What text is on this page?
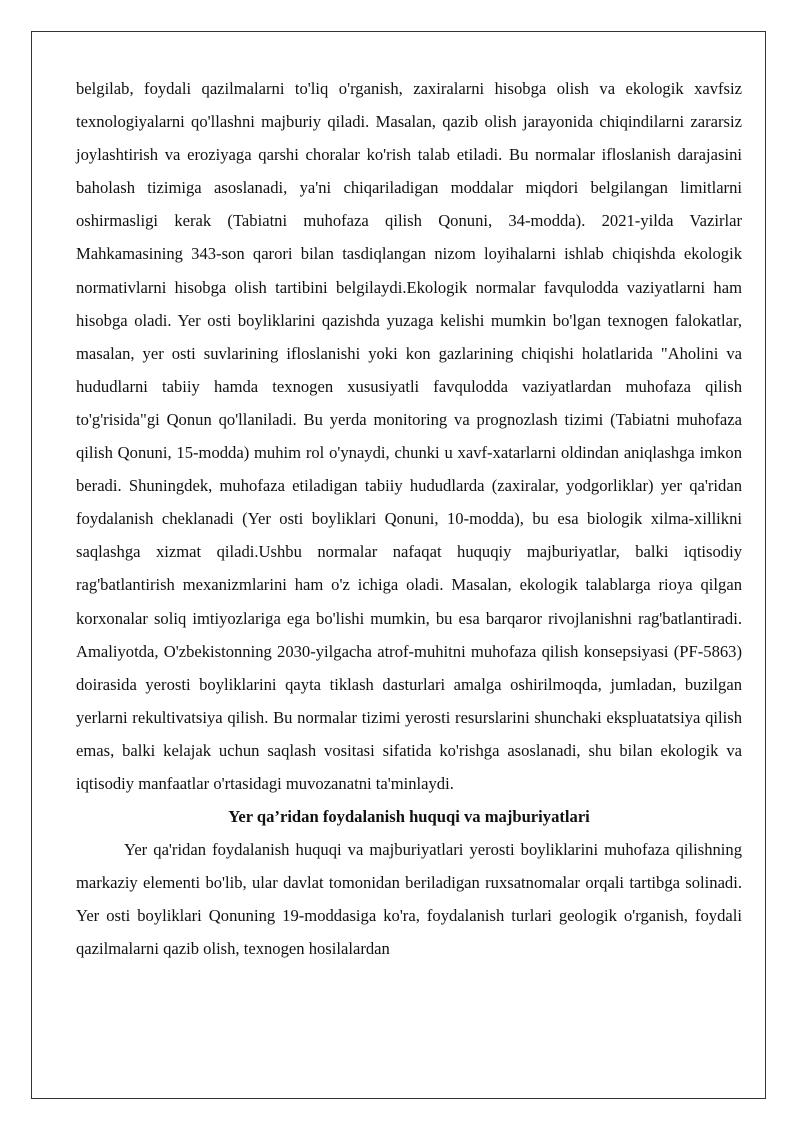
belgilab, foydali qazilmalarni to'liq o'rganish, zaxiralarni hisobga olish va ekologik xavfsiz texnologiyalarni qo'llashni majburiy qiladi. Masalan, qazib olish jarayonida chiqindilarni zararsiz joylashtirish va eroziyaga qarshi choralar ko'rish talab etiladi. Bu normalar ifloslanish darajasini baholash tizimiga asoslanadi, ya'ni chiqariladigan moddalar miqdori belgilangan limitlarni oshirmasligi kerak (Tabiatni muhofaza qilish Qonuni, 34-modda). 2021-yilda Vazirlar Mahkamasining 343-son qarori bilan tasdiqlangan nizom loyihalarni ishlab chiqishda ekologik normativlarni hisobga olish tartibini belgilaydi.Ekologik normalar favqulodda vaziyatlarni ham hisobga oladi. Yer osti boyliklarini qazishda yuzaga kelishi mumkin bo'lgan texnogen falokatlar, masalan, yer osti suvlarining ifloslanishi yoki kon gazlarining chiqishi holatlarida "Aholini va hududlarni tabiiy hamda texnogen xususiyatli favqulodda vaziyatlardan muhofaza qilish to'g'risida"gi Qonun qo'llaniladi. Bu yerda monitoring va prognozlash tizimi (Tabiatni muhofaza qilish Qonuni, 15-modda) muhim rol o'ynaydi, chunki u xavf-xatarlarni oldindan aniqlashga imkon beradi. Shuningdek, muhofaza etiladigan tabiiy hududlarda (zaxiralar, yodgorliklar) yer qa'ridan foydalanish cheklanadi (Yer osti boyliklari Qonuni, 10-modda), bu esa biologik xilma-xillikni saqlashga xizmat qiladi.Ushbu normalar nafaqat huquqiy majburiyatlar, balki iqtisodiy rag'batlantirish mexanizmlarini ham o'z ichiga oladi. Masalan, ekologik talablarga rioya qilgan korxonalar soliq imtiyozlariga ega bo'lishi mumkin, bu esa barqaror rivojlanishni rag'batlantiradi. Amaliyotda, O'zbekistonning 2030-yilgacha atrof-muhitni muhofaza qilish konsepsiyasi (PF-5863) doirasida yerosti boyliklarini qayta tiklash dasturlari amalga oshirilmoqda, jumladan, buzilgan yerlarni rekultivatsiya qilish. Bu normalar tizimi yerosti resurslarini shunchaki ekspluatatsiya qilish emas, balki kelajak uchun saqlash vositasi sifatida ko'rishga asoslanadi, shu bilan ekologik va iqtisodiy manfaatlar o'rtasidagi muvozanatni ta'minlaydi.

Yer qa’ridan foydalanish huquqi va majburiyatlari

Yer qa'ridan foydalanish huquqi va majburiyatlari yerosti boyliklarini muhofaza qilishning markaziy elementi bo'lib, ular davlat tomonidan beriladigan ruxsatnomalar orqali tartibga solinadi. Yer osti boyliklari Qonuning 19-moddasiga ko'ra, foydalanish turlari geologik o'rganish, foydali qazilmalarni qazib olish, texnogen hosilalardan
